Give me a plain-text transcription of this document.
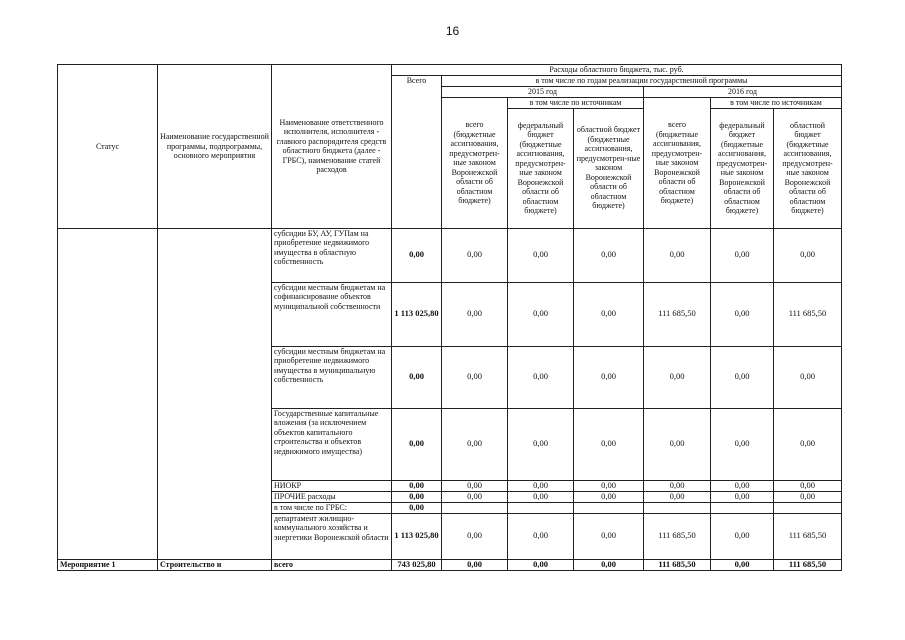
16
Статус	Наименование государственной программы, подпрограммы, основного мероприятия	Наименование ответственного исполнителя, исполнителя - главного распорядителя средств областного бюджета (далее - ГРБС), наименование статей расходов	Расходы областного бюджета, тыс. руб.						
			Всего	в том числе по годам реализации государственной программы					
				2015 год			2016 год		
				всего (бюджетные ассигнования, предусмотрен-ные законом Воронежской области об областном бюджете)	в том числе по источникам		всего (бюджетные ассигнования, предусмотрен-ные законом Воронежской области об областном бюджете)	в том числе по источникам	
					федеральный бюджет (бюджетные ассигнования, предусмотрен-ные законом Воронежской области об областном бюджете)	областной бюджет (бюджетные ассигнования, предусмотрен-ные законом Воронежской области об областном бюджете)		федеральный бюджет (бюджетные ассигнования, предусмотрен-ные законом Воронежской области об областном бюджете)	областной бюджет (бюджетные ассигнования, предусмотрен-ные законом Воронежской области об областном бюджете)
		субсидии БУ, АУ, ГУПам на приобретение недвижимого имущества в областную собственность	0,00	0,00	0,00	0,00	0,00	0,00	0,00
		субсидии местным бюджетам на софинансирование объектов муниципальной собственности	1 113 025,80	0,00	0,00	0,00	111 685,50	0,00	111 685,50
		субсидии местным бюджетам на приобретение недвижимого имущества в муниципальную собственность	0,00	0,00	0,00	0,00	0,00	0,00	0,00
		Государственные капитальные вложения (за исключением объектов капитального строительства и объектов недвижимого имущества)	0,00	0,00	0,00	0,00	0,00	0,00	0,00
		НИОКР	0,00	0,00	0,00	0,00	0,00	0,00	0,00
		ПРОЧИЕ расходы	0,00	0,00	0,00	0,00	0,00	0,00	0,00
		в том числе по ГРБС:	0,00						
		департамент жилищно-коммунального хозяйства и энергетики Воронежской области	1 113 025,80	0,00	0,00	0,00	111 685,50	0,00	111 685,50
Мероприятие 1	Строительство и	всего	743 025,80	0,00	0,00	0,00	111 685,50	0,00	111 685,50
